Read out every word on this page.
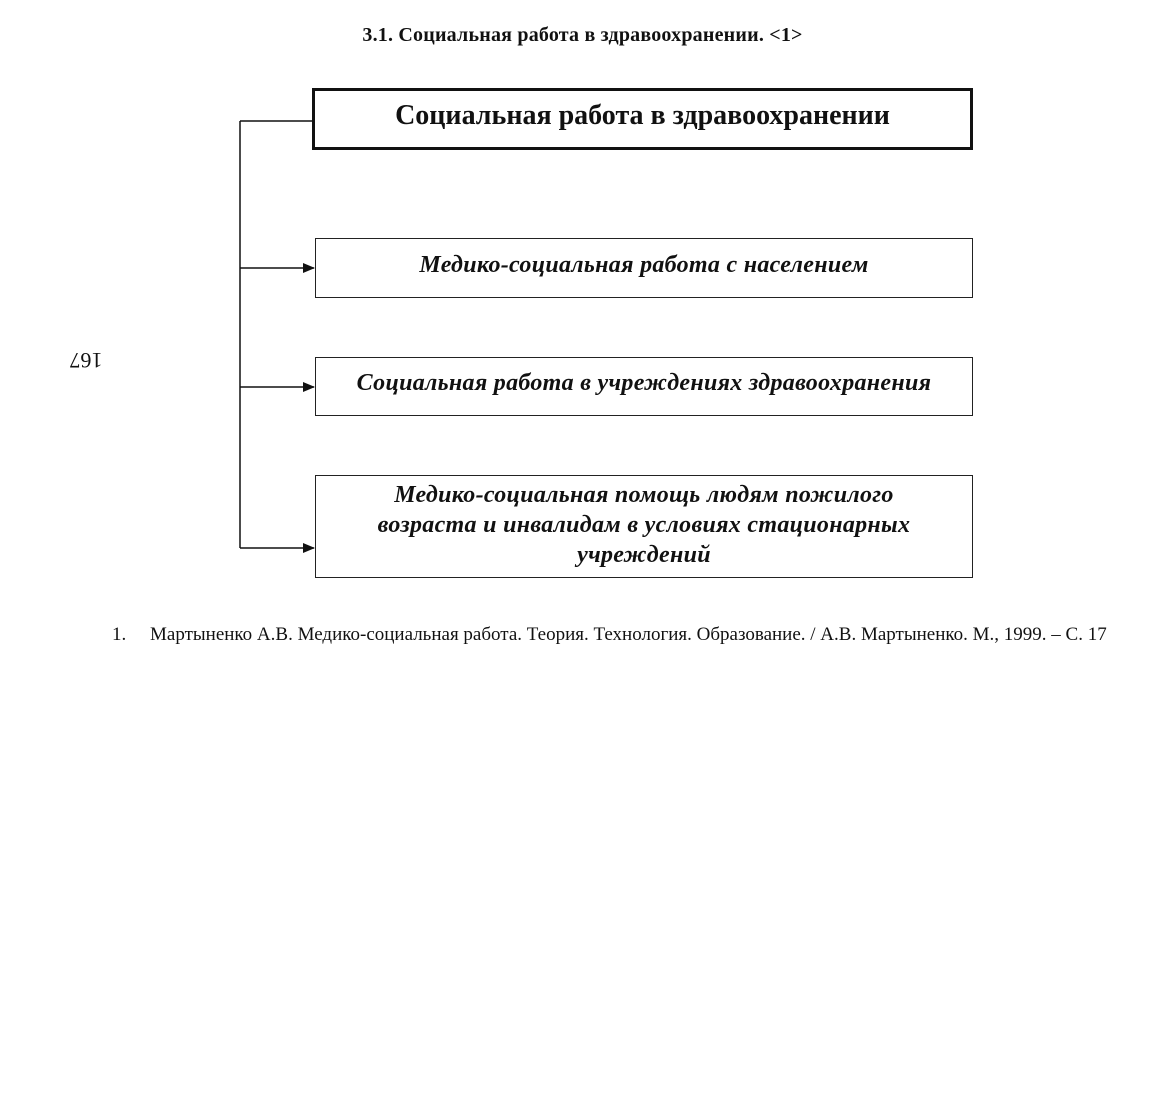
3.1. Социальная работа в здравоохранении. <1>
167
Социальная работа в здравоохранении
Медико-социальная работа с населением
Социальная работа в учреждениях здравоохранения
Медико-социальная помощь людям пожилого возраста и инвалидам в условиях стационарных учреждений
1.	Мартыненко А.В. Медико-социальная работа. Теория. Технология. Образование. / А.В. Мартыненко. М., 1999. – С. 17
